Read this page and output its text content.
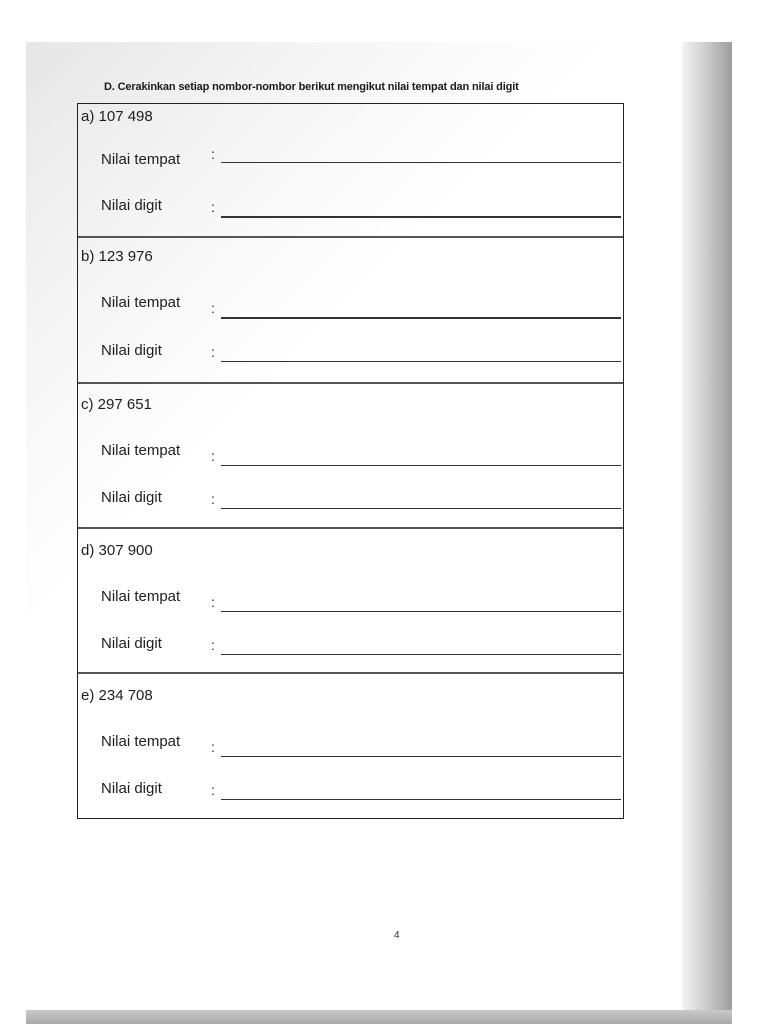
D. Cerakinkan setiap nombor-nombor berikut mengikut nilai tempat dan nilai digit
a) 107 498
Nilai tempat :
Nilai digit	:
b) 123 976
Nilai tempat :
Nilai digit	:
c) 297 651
Nilai tempat :
Nilai digit	:
d) 307 900
Nilai tempat :
Nilai digit	:
e) 234 708
Nilai tempat :
Nilai digit	:
4
